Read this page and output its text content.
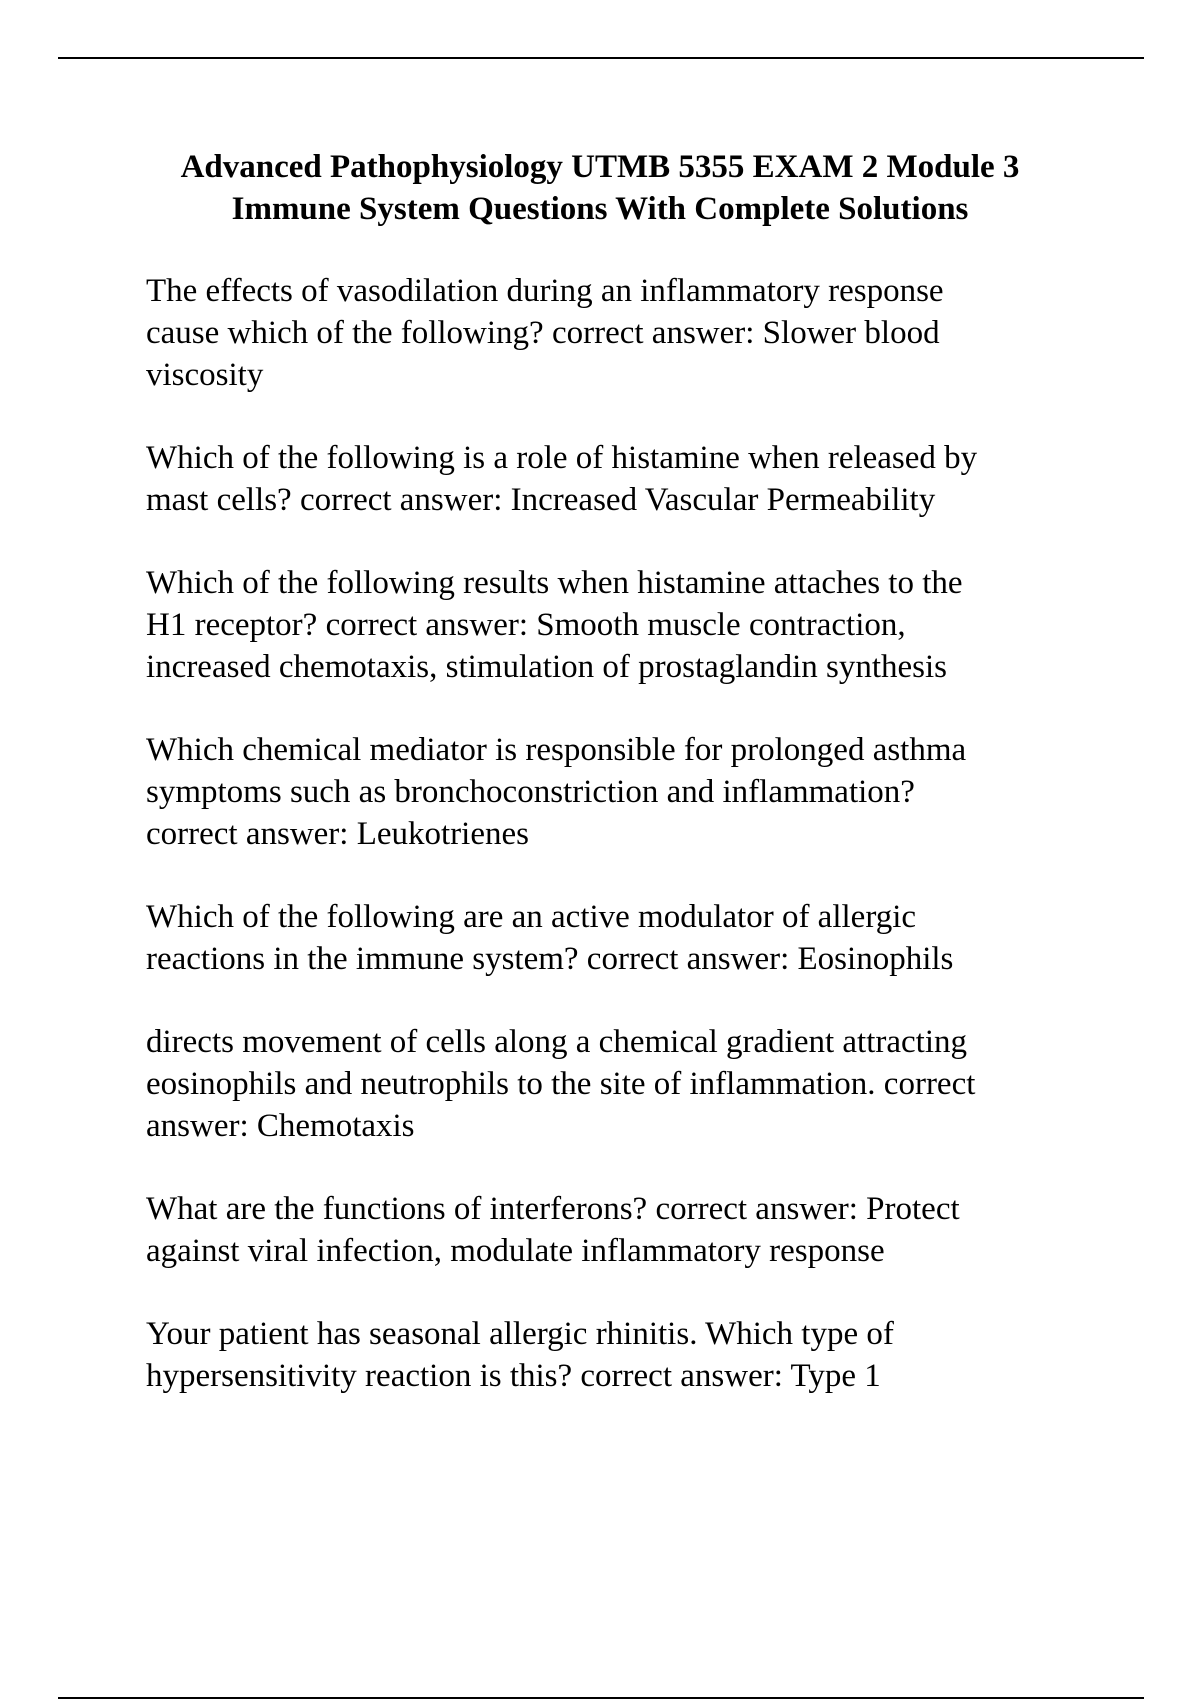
Advanced Pathophysiology UTMB 5355 EXAM 2 Module 3
Immune System Questions With Complete Solutions

The effects of vasodilation during an inflammatory response
cause which of the following? correct answer: Slower blood
viscosity

Which of the following is a role of histamine when released by
mast cells? correct answer: Increased Vascular Permeability

Which of the following results when histamine attaches to the
H1 receptor? correct answer: Smooth muscle contraction,
increased chemotaxis, stimulation of prostaglandin synthesis

Which chemical mediator is responsible for prolonged asthma
symptoms such as bronchoconstriction and inflammation?
correct answer: Leukotrienes

Which of the following are an active modulator of allergic
reactions in the immune system? correct answer: Eosinophils

directs movement of cells along a chemical gradient attracting
eosinophils and neutrophils to the site of inflammation. correct
answer: Chemotaxis

What are the functions of interferons? correct answer: Protect
against viral infection, modulate inflammatory response

Your patient has seasonal allergic rhinitis. Which type of
hypersensitivity reaction is this? correct answer: Type 1
